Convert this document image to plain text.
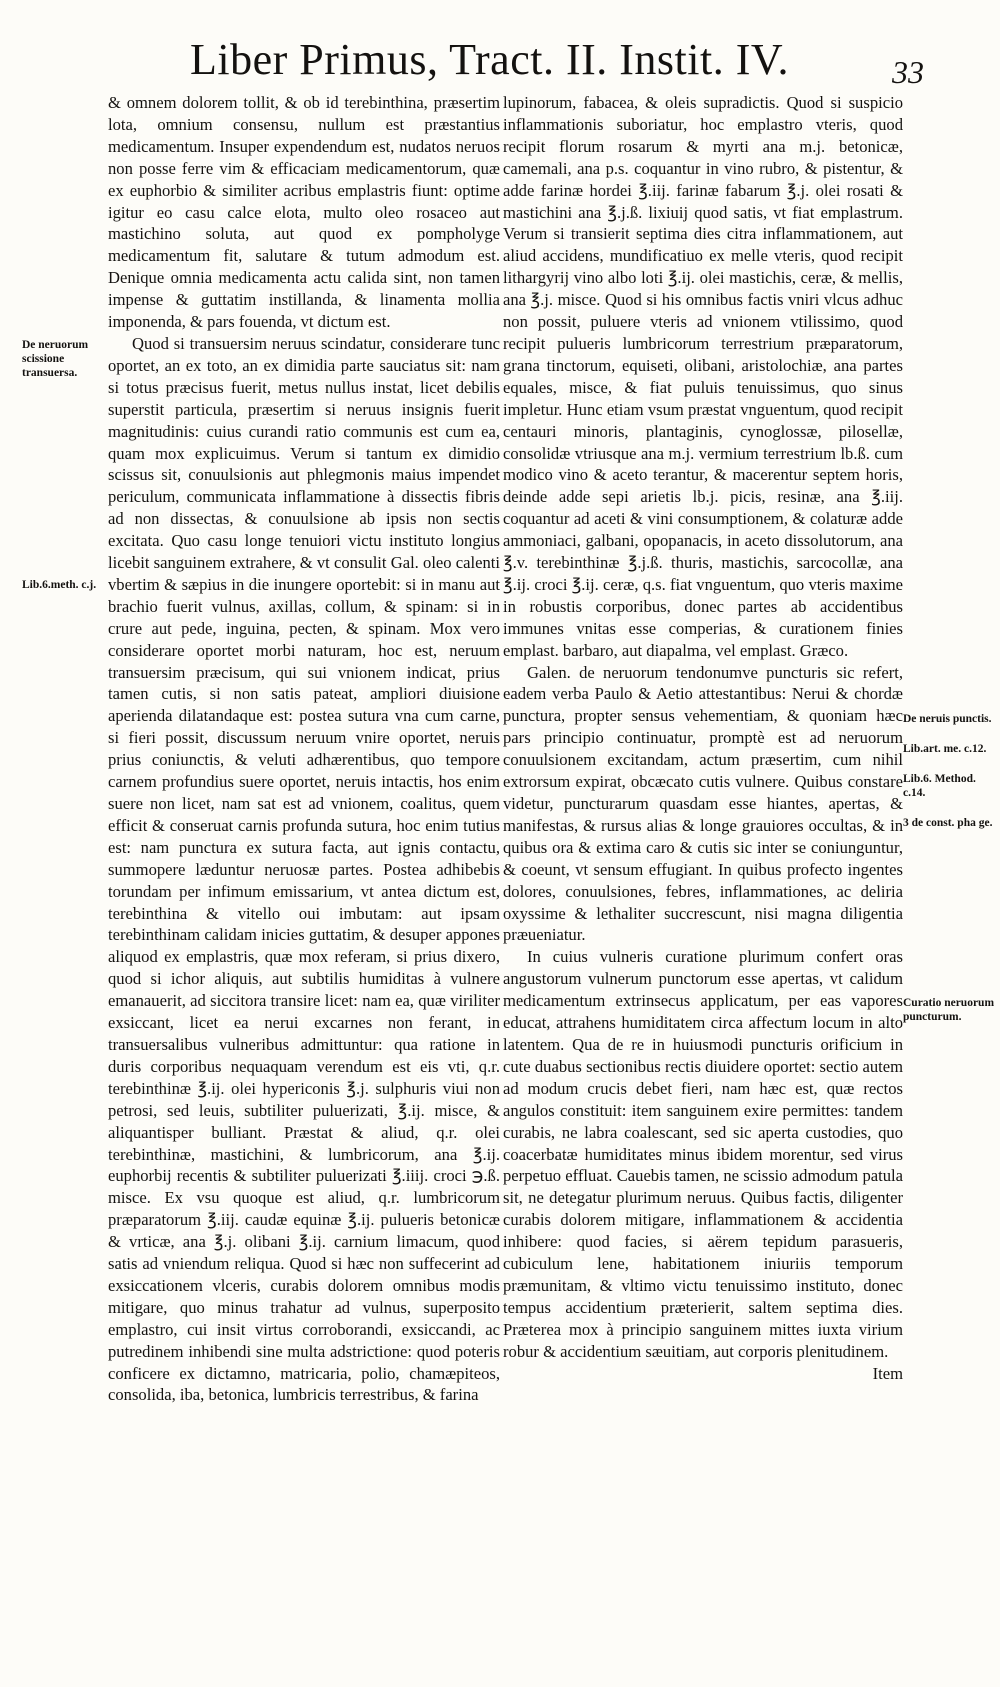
Liber Primus, Tract. II. Instit. IV.	33
De neruorum scissione transuersa.
Lib.6.meth. c.j.

& omnem dolorem tollit, & ob id terebinthina, præsertim lota, omnium consensu, nullum est præstantius medicamentum. Insuper expendendum est, nudatos neruos non posse ferre vim & efficaciam medicamentorum, quæ ex euphorbio & similiter acribus emplastris fiunt: optime igitur eo casu calce elota, multo oleo rosaceo aut mastichino soluta, aut quod ex pompholyge medicamentum fit, salutare & tutum admodum est. Denique omnia medicamenta actu calida sint, non tamen impense & guttatim instillanda, & linamenta mollia imponenda, & pars fouenda, vt dictum est.

Quod si transuersim neruus scindatur, considerare tunc oportet, an ex toto, an ex dimidia parte sauciatus sit: nam si totus præcisus fuerit, metus nullus instat, licet debilis superstit particula, præsertim si neruus insignis fuerit magnitudinis: cuius curandi ratio communis est cum ea, quam mox explicuimus. Verum si tantum ex dimidio scissus sit, conuulsionis aut phlegmonis maius impendet periculum, communicata inflammatione à dissectis fibris ad non dissectas, & conuulsione ab ipsis non sectis excitata. Quo casu longe tenuiori victu instituto longius licebit sanguinem extrahere, & vt consulit Gal. oleo calenti vbertim & sæpius in die inungere oportebit: si in manu aut brachio fuerit vulnus, axillas, collum, & spinam: si in crure aut pede, inguina, pecten, & spinam. Mox vero considerare oportet morbi naturam, hoc est, neruum transuersim præcisum, qui sui vnionem indicat, prius tamen cutis, si non satis pateat, ampliori diuisione aperienda dilatandaque est: postea sutura vna cum carne, si fieri possit, discussum neruum vnire oportet, neruis prius coniunctis, & veluti adhærentibus, quo tempore carnem profundius suere oportet, neruis intactis, hos enim suere non licet, nam sat est ad vnionem, coalitus, quem efficit & conseruat carnis profunda sutura, hoc enim tutius est: nam punctura ex sutura facta, aut ignis contactu, summopere læduntur neruosæ partes. Postea adhibebis torundam per infimum emissarium, vt antea dictum est, terebinthina & vitello oui imbutam: aut ipsam terebinthinam calidam inicies guttatim, & desuper appones aliquod ex emplastris, quæ mox referam, si prius dixero, quod si ichor aliquis, aut subtilis humiditas à vulnere emanauerit, ad siccitora transire licet: nam ea, quæ viriliter exsiccant, licet ea nerui excarnes non ferant, in transuersalibus vulneribus admittuntur: qua ratione in duris corporibus nequaquam verendum est eis vti, q.r. terebinthinæ ℥.ij. olei hypericonis ℥.j. sulphuris viui non petrosi, sed leuis, subtiliter puluerizati, ℥.ij. misce, & aliquantisper bulliant. Præstat & aliud, q.r. olei terebinthinæ, mastichini, & lumbricorum, ana ℥.ij. euphorbij recentis & subtiliter puluerizati ℥.iiij. croci ℈.ß. misce. Ex vsu quoque est aliud, q.r. lumbricorum præparatorum ℥.iij. caudæ equinæ ℥.ij. pulueris betonicæ & vrticæ, ana ℥.j. olibani ℥.ij. carnium limacum, quod satis ad vniendum reliqua. Quod si hæc non suffecerint ad exsiccationem vlceris, curabis dolorem omnibus modis mitigare, quo minus trahatur ad vulnus, superposito emplastro, cui insit virtus corroborandi, exsiccandi, ac putredinem inhibendi sine multa adstrictione: quod poteris conficere ex dictamno, matricaria, polio, chamæpiteos, consolida, iba, betonica, lumbricis terrestribus, & farina

lupinorum, fabacea, & oleis supradictis. Quod si suspicio inflammationis suboriatur, hoc emplastro vteris, quod recipit florum rosarum & myrti ana m.j. betonicæ, camemali, ana p.s. coquantur in vino rubro, & pistentur, & adde farinæ hordei ℥.iij. farinæ fabarum ℥.j. olei rosati & mastichini ana ℥.j.ß. lixiuij quod satis, vt fiat emplastrum. Verum si transierit septima dies citra inflammationem, aut aliud accidens, mundificatiuo ex melle vteris, quod recipit lithargyrij vino albo loti ℥.ij. olei mastichis, ceræ, & mellis, ana ℥.j. misce. Quod si his omnibus factis vniri vlcus adhuc non possit, puluere vteris ad vnionem vtilissimo, quod recipit pulueris lumbricorum terrestrium præparatorum, grana tinctorum, equiseti, olibani, aristolochiæ, ana partes equales, misce, & fiat puluis tenuissimus, quo sinus impletur. Hunc etiam vsum præstat vnguentum, quod recipit centauri minoris, plantaginis, cynoglossæ, pilosellæ, consolidæ vtriusque ana m.j. vermium terrestrium lb.ß. cum modico vino & aceto terantur, & macerentur septem horis, deinde adde sepi arietis lb.j. picis, resinæ, ana ℥.iij. coquantur ad aceti & vini consumptionem, & colaturæ adde ammoniaci, galbani, opopanacis, in aceto dissolutorum, ana ℥.v. terebinthinæ ℥.j.ß. thuris, mastichis, sarcocollæ, ana ℥.ij. croci ℥.ij. ceræ, q.s. fiat vnguentum, quo vteris maxime in robustis corporibus, donec partes ab accidentibus immunes vnitas esse comperias, & curationem finies emplast. barbaro, aut diapalma, vel emplast. Græco.

Galen. de neruorum tendonumve puncturis sic refert, eadem verba Paulo & Aetio attestantibus: Nerui & chordæ punctura, propter sensus vehementiam, & quoniam hæc pars principio continuatur, promptè est ad neruorum conuulsionem excitandam, actum præsertim, cum nihil extrorsum expirat, obcæcato cutis vulnere. Quibus constare videtur, puncturarum quasdam esse hiantes, apertas, & manifestas, & rursus alias & longe grauiores occultas, & in quibus ora & extima caro & cutis sic inter se coniunguntur, & coeunt, vt sensum effugiant. In quibus profecto ingentes dolores, conuulsiones, febres, inflammationes, ac deliria oxyssime & lethaliter succrescunt, nisi magna diligentia præueniatur.

In cuius vulneris curatione plurimum confert oras angustorum vulnerum punctorum esse apertas, vt calidum medicamentum extrinsecus applicatum, per eas vapores educat, attrahens humiditatem circa affectum locum in alto latentem. Qua de re in huiusmodi puncturis orificium in cute duabus sectionibus rectis diuidere oportet: sectio autem ad modum crucis debet fieri, nam hæc est, quæ rectos angulos constituit: item sanguinem exire permittes: tandem curabis, ne labra coalescant, sed sic aperta custodies, quo coacerbatæ humiditates minus ibidem morentur, sed virus perpetuo effluat. Cauebis tamen, ne scissio admodum patula sit, ne detegatur plurimum neruus. Quibus factis, diligenter curabis dolorem mitigare, inflammationem & accidentia inhibere: quod facies, si aërem tepidum parasueris, cubiculum lene, habitationem iniuriis temporum præmunitam, & vltimo victu tenuissimo instituto, donec tempus accidentium præterierit, saltem septima dies. Præterea mox à principio sanguinem mittes iuxta virium robur & accidentium sæuitiam, aut corporis plenitudinem.

Item
De neruis punctis.
Lib.art. me. c.12.
Lib.6. Method. c.14.
3 de const. pha ge.
Curatio neruorum puncturum.
